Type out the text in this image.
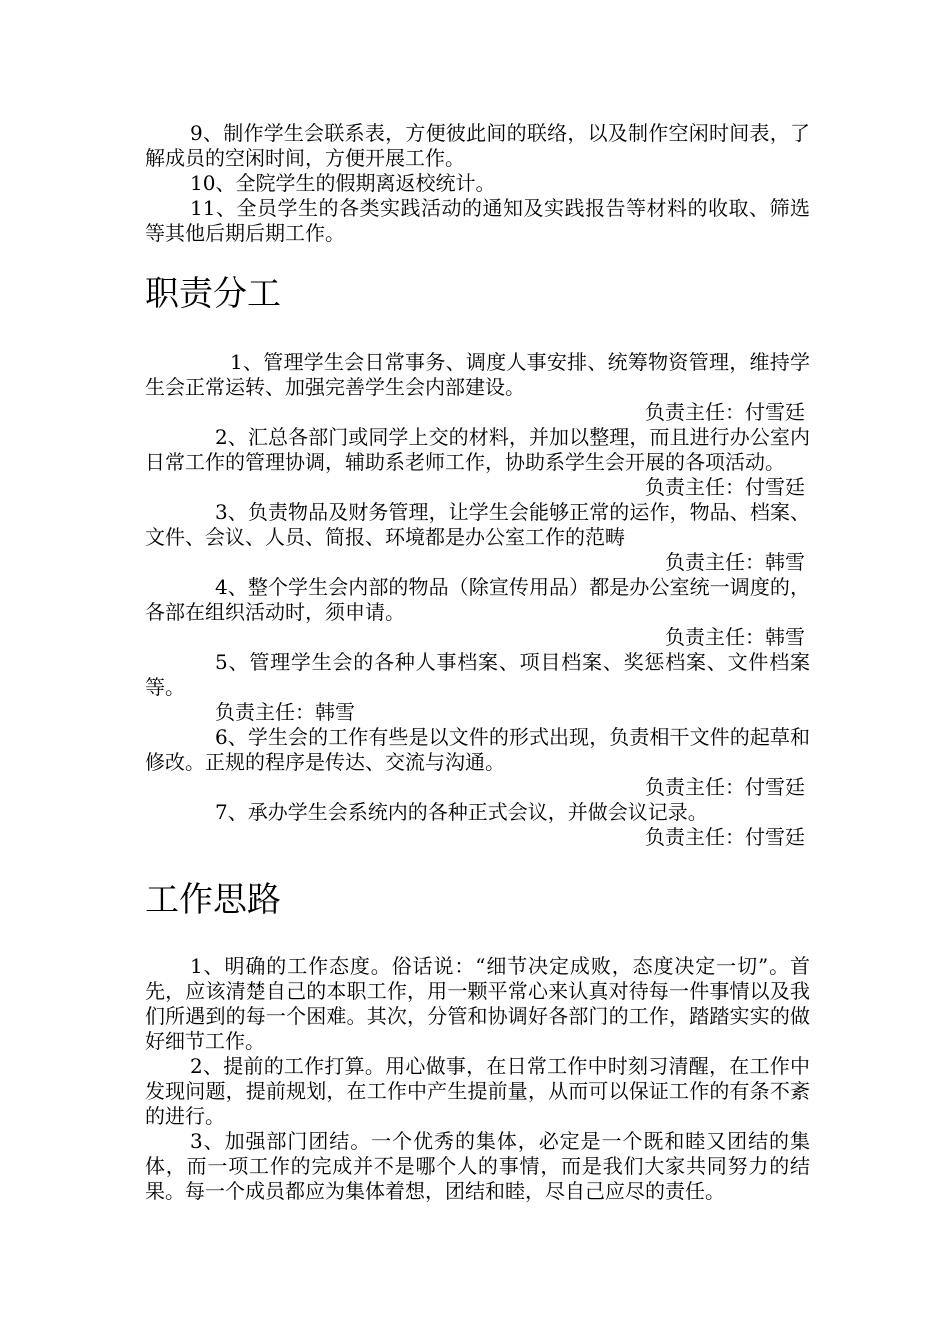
9、制作学生会联系表，方便彼此间的联络，以及制作空闲时间表，了解成员的空闲时间，方便开展工作。

10、全院学生的假期离返校统计。

11、全员学生的各类实践活动的通知及实践报告等材料的收取、筛选等其他后期后期工作。

职责分工

1、管理学生会日常事务、调度人事安排、统筹物资管理，维持学生会正常运转、加强完善学生会内部建设。

负责主任：付雪廷

2、汇总各部门或同学上交的材料，并加以整理，而且进行办公室内日常工作的管理协调，辅助系老师工作，协助系学生会开展的各项活动。

负责主任：付雪廷

3、负责物品及财务管理，让学生会能够正常的运作，物品、档案、文件、会议、人员、简报、环境都是办公室工作的范畴

负责主任：韩雪

4、整个学生会内部的物品（除宣传用品）都是办公室统一调度的，各部在组织活动时，须申请。

负责主任：韩雪

5、管理学生会的各种人事档案、项目档案、奖惩档案、文件档案等。

负责主任：韩雪

6、学生会的工作有些是以文件的形式出现，负责相干文件的起草和修改。正规的程序是传达、交流与沟通。

负责主任：付雪廷

7、承办学生会系统内的各种正式会议，并做会议记录。

负责主任：付雪廷

工作思路

1、明确的工作态度。俗话说：“细节决定成败，态度决定一切”。首先，应该清楚自己的本职工作，用一颗平常心来认真对待每一件事情以及我们所遇到的每一个困难。其次，分管和协调好各部门的工作，踏踏实实的做好细节工作。

2、提前的工作打算。用心做事，在日常工作中时刻习清醒，在工作中发现问题，提前规划，在工作中产生提前量，从而可以保证工作的有条不紊的进行。

3、加强部门团结。一个优秀的集体，必定是一个既和睦又团结的集体，而一项工作的完成并不是哪个人的事情，而是我们大家共同努力的结果。每一个成员都应为集体着想，团结和睦，尽自己应尽的责任。
